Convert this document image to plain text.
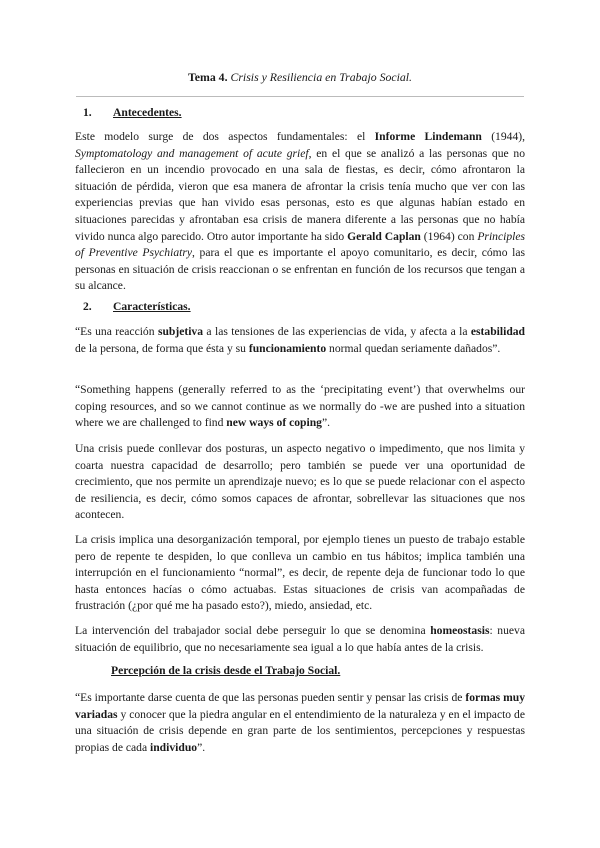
Tema 4. Crisis y Resiliencia en Trabajo Social.
1. Antecedentes.

Este modelo surge de dos aspectos fundamentales: el Informe Lindemann (1944), Symptomatology and management of acute grief, en el que se analizó a las personas que no fallecieron en un incendio provocado en una sala de fiestas, es decir, cómo afrontaron la situación de pérdida, vieron que esa manera de afrontar la crisis tenía mucho que ver con las experiencias previas que han vivido esas personas, esto es que algunas habían estado en situaciones parecidas y afrontaban esa crisis de manera diferente a las personas que no había vivido nunca algo parecido. Otro autor importante ha sido Gerald Caplan (1964) con Principles of Preventive Psychiatry, para el que es importante el apoyo comunitario, es decir, cómo las personas en situación de crisis reaccionan o se enfrentan en función de los recursos que tengan a su alcance.

2. Características.

“Es una reacción subjetiva a las tensiones de las experiencias de vida, y afecta a la estabilidad de la persona, de forma que ésta y su funcionamiento normal quedan seriamente dañados”.

“Something happens (generally referred to as the ‘precipitating event’) that overwhelms our coping resources, and so we cannot continue as we normally do -we are pushed into a situation where we are challenged to find new ways of coping”.

Una crisis puede conllevar dos posturas, un aspecto negativo o impedimento, que nos limita y coarta nuestra capacidad de desarrollo; pero también se puede ver una oportunidad de crecimiento, que nos permite un aprendizaje nuevo; es lo que se puede relacionar con el aspecto de resiliencia, es decir, cómo somos capaces de afrontar, sobrellevar las situaciones que nos acontecen.

La crisis implica una desorganización temporal, por ejemplo tienes un puesto de trabajo estable pero de repente te despiden, lo que conlleva un cambio en tus hábitos; implica también una interrupción en el funcionamiento “normal”, es decir, de repente deja de funcionar todo lo que hasta entonces hacías o cómo actuabas. Estas situaciones de crisis van acompañadas de frustración (¿por qué me ha pasado esto?), miedo, ansiedad, etc.

La intervención del trabajador social debe perseguir lo que se denomina homeostasis: nueva situación de equilibrio, que no necesariamente sea igual a lo que había antes de la crisis.

Percepción de la crisis desde el Trabajo Social.

“Es importante darse cuenta de que las personas pueden sentir y pensar las crisis de formas muy variadas y conocer que la piedra angular en el entendimiento de la naturaleza y en el impacto de una situación de crisis depende en gran parte de los sentimientos, percepciones y respuestas propias de cada individuo”.
